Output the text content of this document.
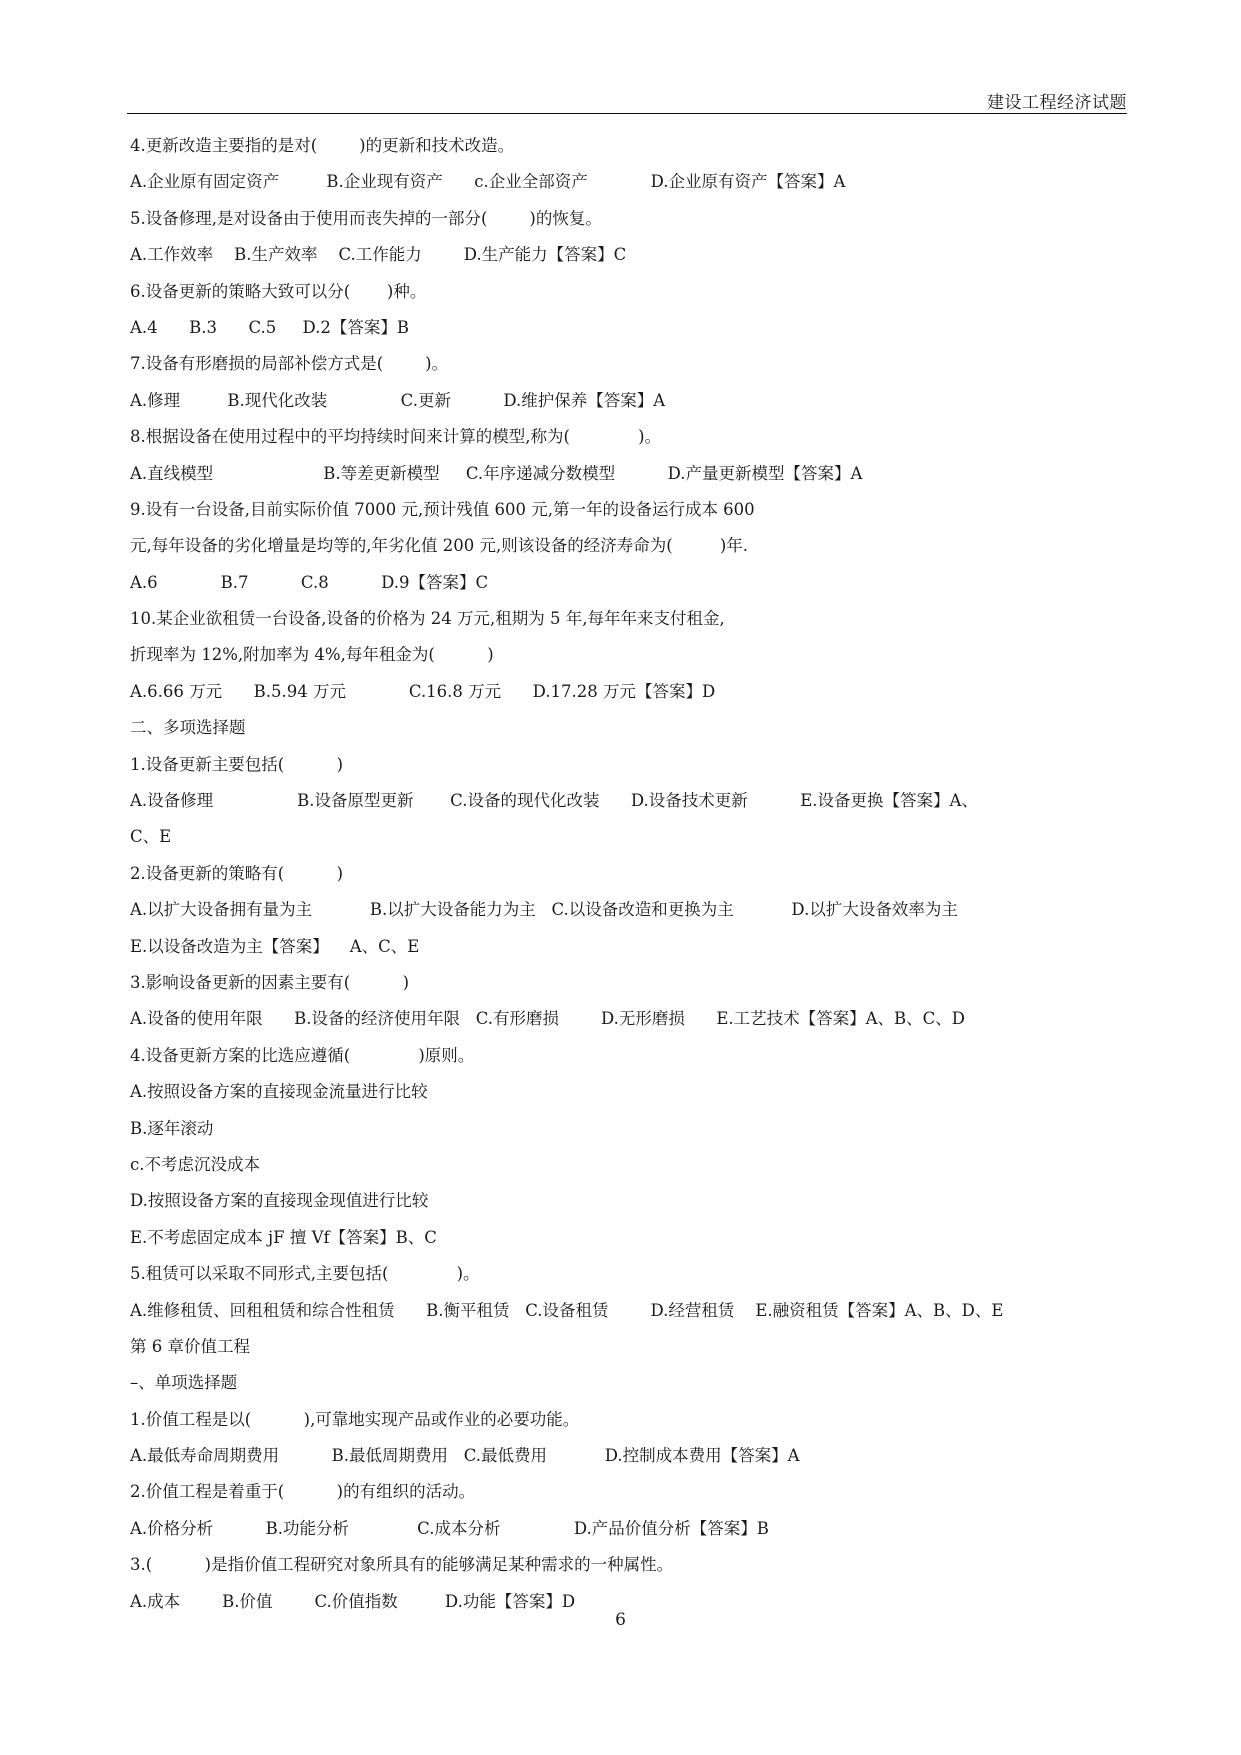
建设工程经济试题
4.更新改造主要指的是对(        )的更新和技术改造。
A.企业原有固定资产         B.企业现有资产      c.企业全部资产            D.企业原有资产【答案】A
5.设备修理,是对设备由于使用而丧失掉的一部分(        )的恢复。
A.工作效率    B.生产效率    C.工作能力        D.生产能力【答案】C
6.设备更新的策略大致可以分(       )种。
A.4      B.3      C.5     D.2【答案】B
7.设备有形磨损的局部补偿方式是(        )。
A.修理         B.现代化改装              C.更新          D.维护保养【答案】A
8.根据设备在使用过程中的平均持续时间来计算的模型,称为(             )。
A.直线模型                     B.等差更新模型     C.年序递减分数模型          D.产量更新模型【答案】A
9.设有一台设备,目前实际价值 7000 元,预计残值 600 元,第一年的设备运行成本 600
元,每年设备的劣化增量是均等的,年劣化值 200 元,则该设备的经济寿命为(         )年.
A.6            B.7          C.8          D.9【答案】C
10.某企业欲租赁一台设备,设备的价格为 24 万元,租期为 5 年,每年年来支付租金,
折现率为 12%,附加率为 4%,每年租金为(          )
A.6.66 万元      B.5.94 万元            C.16.8 万元      D.17.28 万元【答案】D
二、多项选择题
1.设备更新主要包括(          )
A.设备修理                B.设备原型更新       C.设备的现代化改装      D.设备技术更新          E.设备更换【答案】A、
C、E
2.设备更新的策略有(          )
A.以扩大设备拥有量为主           B.以扩大设备能力为主   C.以设备改造和更换为主           D.以扩大设备效率为主
E.以设备改造为主【答案】    A、C、E
3.影响设备更新的因素主要有(          )
A.设备的使用年限      B.设备的经济使用年限   C.有形磨损        D.无形磨损      E.工艺技术【答案】A、B、C、D
4.设备更新方案的比选应遵循(             )原则。
A.按照设备方案的直接现金流量进行比较
B.逐年滚动
c.不考虑沉没成本
D.按照设备方案的直接现金现值进行比较
E.不考虑固定成本 jF 擅 Vf【答案】B、C
5.租赁可以采取不同形式,主要包括(             )。
A.维修租赁、回租租赁和综合性租赁      B.衡平租赁   C.设备租赁        D.经营租赁    E.融资租赁【答案】A、B、D、E
第 6 章价值工程
–、单项选择题
1.价值工程是以(          ),可靠地实现产品或作业的必要功能。
A.最低寿命周期费用          B.最低周期费用   C.最低费用           D.控制成本费用【答案】A
2.价值工程是着重于(          )的有组织的活动。
A.价格分析          B.功能分析             C.成本分析              D.产品价值分析【答案】B
3.(          )是指价值工程研究对象所具有的能够满足某种需求的一种属性。
A.成本        B.价值        C.价值指数         D.功能【答案】D
6
